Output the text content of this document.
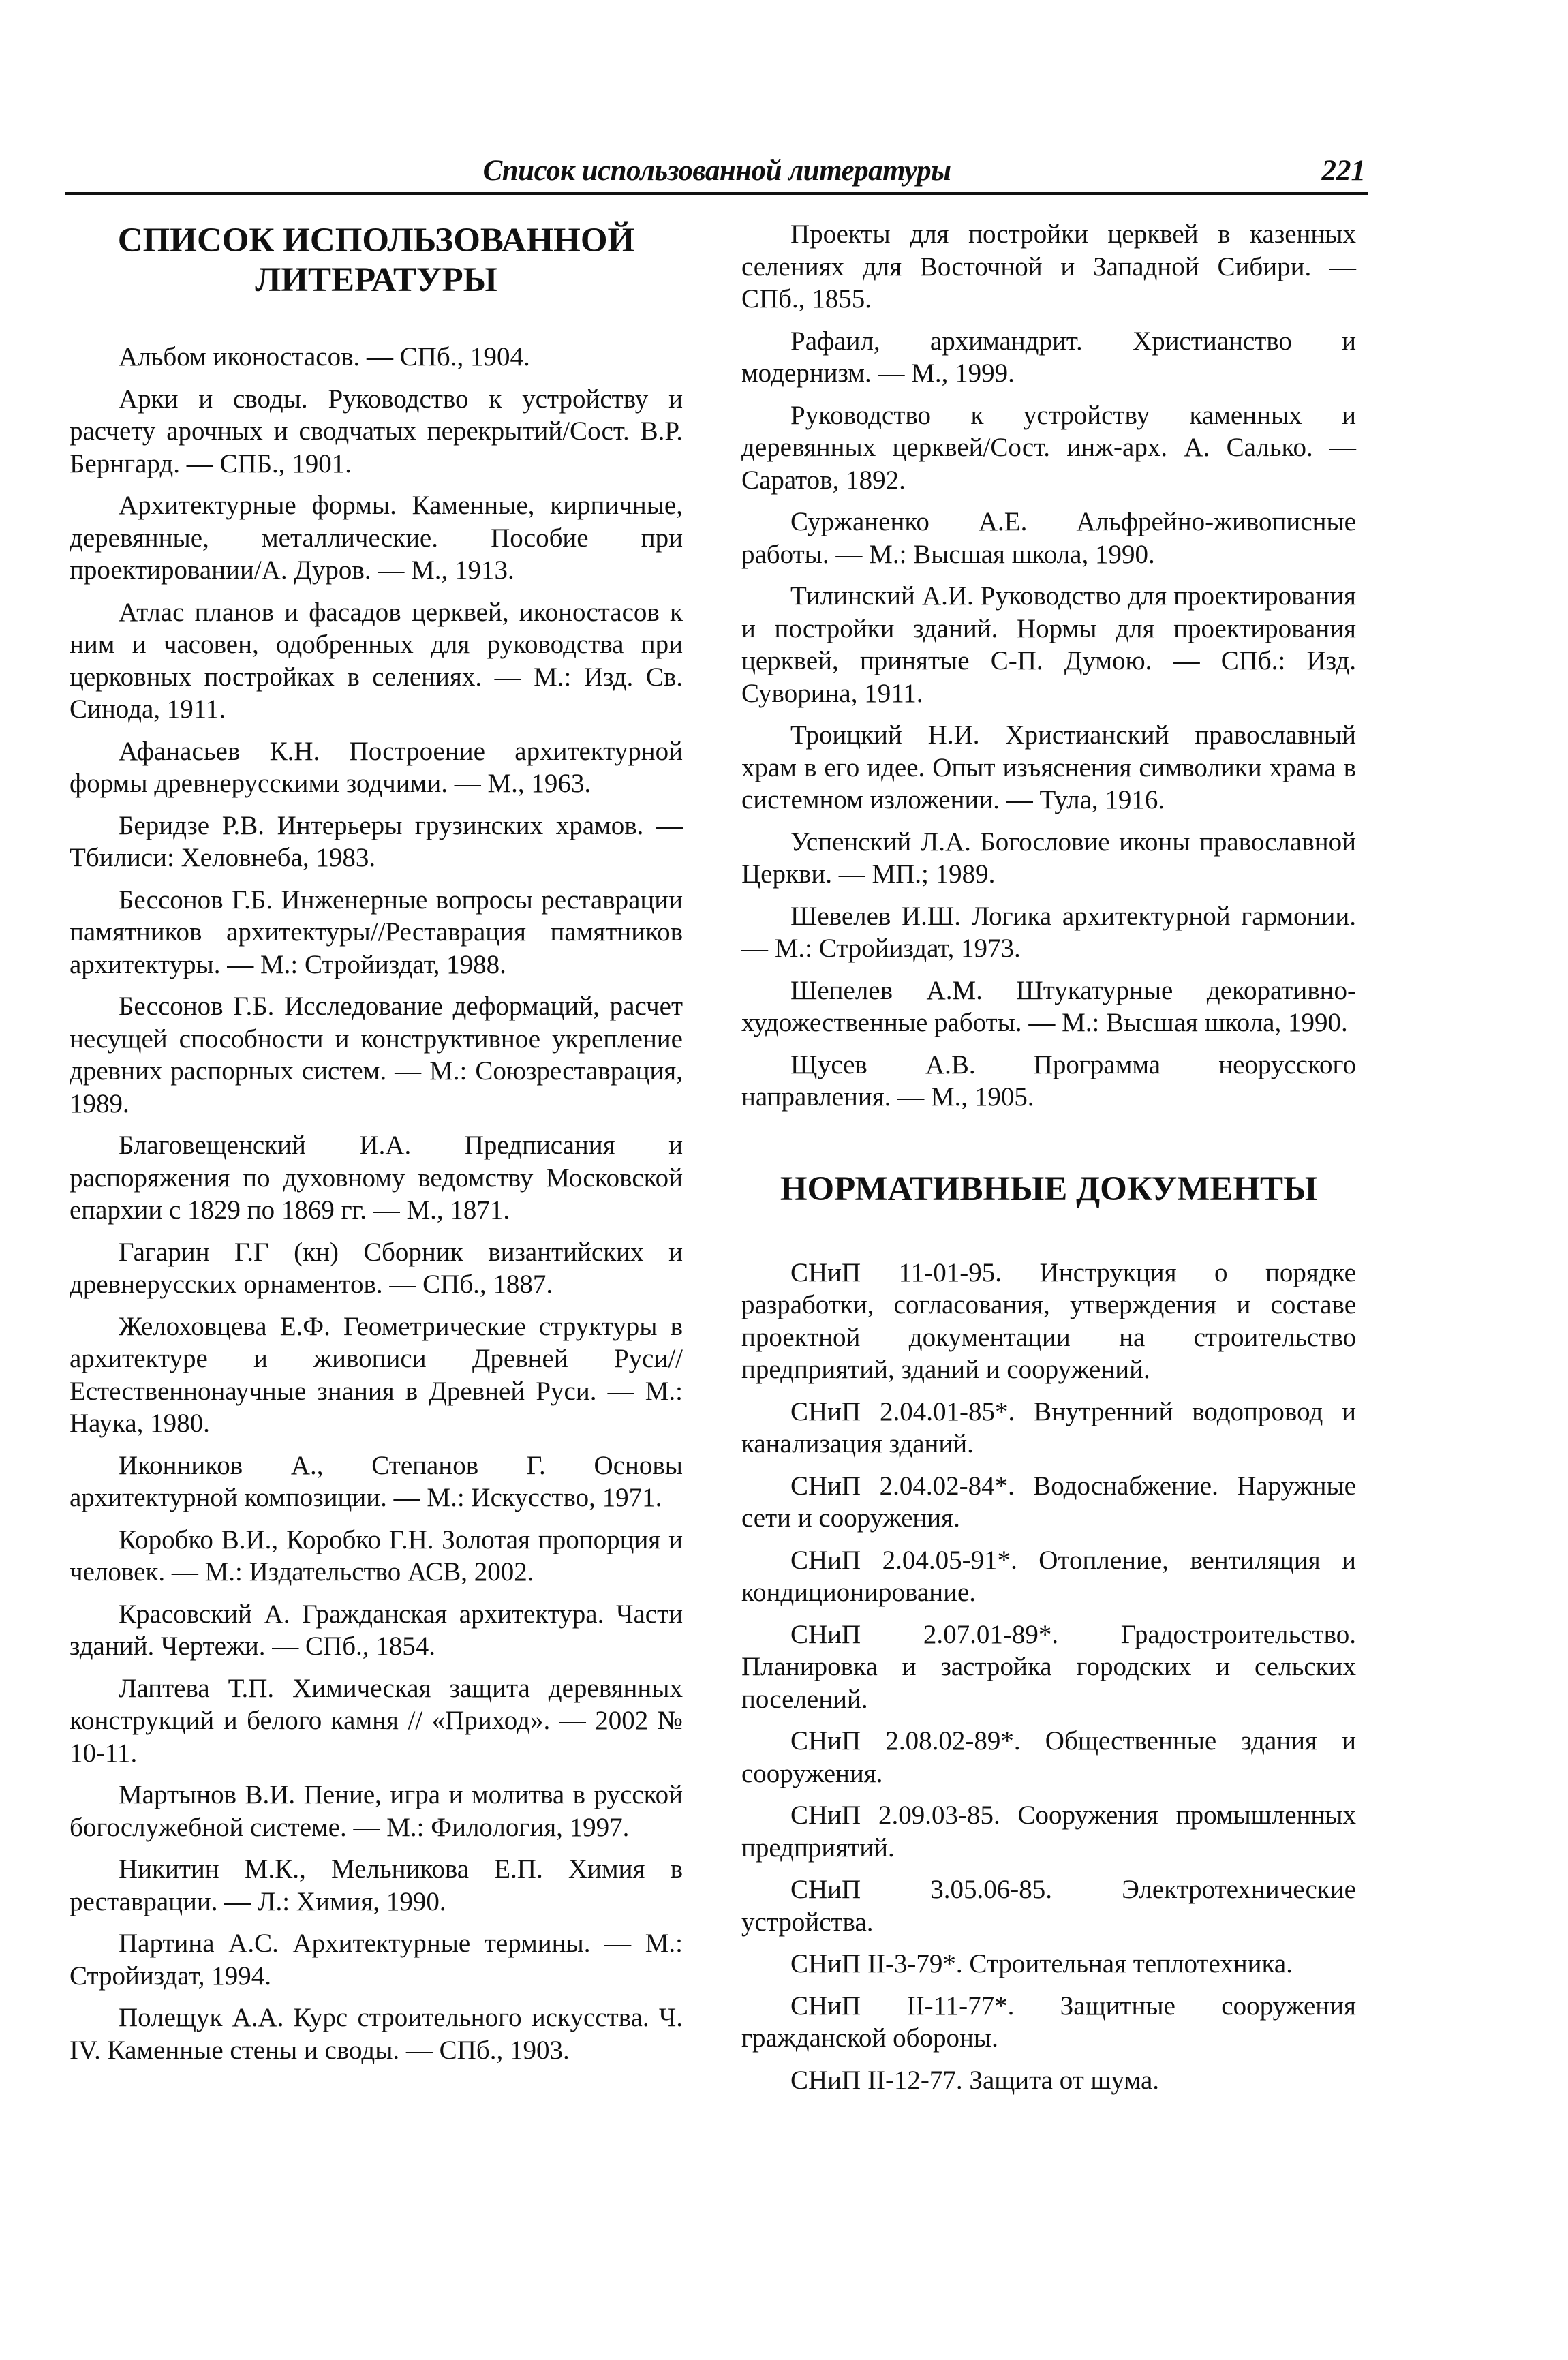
Список использованной литературы	221
СПИСОК ИСПОЛЬЗОВАННОЙ ЛИТЕРАТУРЫ

Альбом иконостасов. — СПб., 1904.

Арки и своды. Руководство к устройству и расчету арочных и сводчатых перекрытий/Сост. В.Р. Бернгард. — СПБ., 1901.

Архитектурные формы. Каменные, кирпичные, деревянные, металлические. Пособие при проектировании/А. Дуров. — М., 1913.

Атлас планов и фасадов церквей, иконостасов к ним и часовен, одобренных для руководства при церковных постройках в селениях. — М.: Изд. Св. Синода, 1911.

Афанасьев К.Н. Построение архитектурной формы древнерусскими зодчими. — М., 1963.

Беридзе Р.В. Интерьеры грузинских храмов. — Тбилиси: Хеловнеба, 1983.

Бессонов Г.Б. Инженерные вопросы реставрации памятников архитектуры//Реставрация памятников архитектуры. — М.: Стройиздат, 1988.

Бессонов Г.Б. Исследование деформаций, расчет несущей способности и конструктивное укрепление древних распорных систем. — М.: Союзреставрация, 1989.

Благовещенский И.А. Предписания и распоряжения по духовному ведомству Московской епархии с 1829 по 1869 гг. — М., 1871.

Гагарин Г.Г (кн) Сборник византийских и древнерусских орнаментов. — СПб., 1887.

Желоховцева Е.Ф. Геометрические структуры в архитектуре и живописи Древней Руси// Естественнонаучные знания в Древней Руси. — М.: Наука, 1980.

Иконников А., Степанов Г. Основы архитектурной композиции. — М.: Искусство, 1971.

Коробко В.И., Коробко Г.Н. Золотая пропорция и человек. — М.: Издательство АСВ, 2002.

Красовский А. Гражданская архитектура. Части зданий. Чертежи. — СПб., 1854.

Лаптева Т.П. Химическая защита деревянных конструкций и белого камня // «Приход». — 2002 № 10-11.

Мартынов В.И. Пение, игра и молитва в русской богослужебной системе. — М.: Филология, 1997.

Никитин М.К., Мельникова Е.П. Химия в реставрации. — Л.: Химия, 1990.

Партина А.С. Архитектурные термины. — М.: Стройиздат, 1994.

Полещук А.А. Курс строительного искусства. Ч. IV. Каменные стены и своды. — СПб., 1903.

Проекты для постройки церквей в казенных селениях для Восточной и Западной Сибири. — СПб., 1855.

Рафаил, архимандрит. Христианство и модернизм. — М., 1999.

Руководство к устройству каменных и деревянных церквей/Сост. инж-арх. А. Салько. — Саратов, 1892.

Суржаненко А.Е. Альфрейно-живописные работы. — М.: Высшая школа, 1990.

Тилинский А.И. Руководство для проектирования и постройки зданий. Нормы для проектирования церквей, принятые С-П. Думою. — СПб.: Изд. Суворина, 1911.

Троицкий Н.И. Христианский православный храм в его идее. Опыт изъяснения символики храма в системном изложении. — Тула, 1916.

Успенский Л.А. Богословие иконы православной Церкви. — МП.; 1989.

Шевелев И.Ш. Логика архитектурной гармонии. — М.: Стройиздат, 1973.

Шепелев А.М. Штукатурные декоративно-художественные работы. — М.: Высшая школа, 1990.

Щусев А.В. Программа неорусского направления. — М., 1905.

НОРМАТИВНЫЕ ДОКУМЕНТЫ

СНиП 11-01-95. Инструкция о порядке разработки, согласования, утверждения и составе проектной документации на строительство предприятий, зданий и сооружений.

СНиП 2.04.01-85*. Внутренний водопровод и канализация зданий.

СНиП 2.04.02-84*. Водоснабжение. Наружные сети и сооружения.

СНиП 2.04.05-91*. Отопление, вентиляция и кондиционирование.

СНиП 2.07.01-89*. Градостроительство. Планировка и застройка городских и сельских поселений.

СНиП 2.08.02-89*. Общественные здания и сооружения.

СНиП 2.09.03-85. Сооружения промышленных предприятий.

СНиП 3.05.06-85. Электротехнические устройства.

СНиП II-3-79*. Строительная теплотехника.

СНиП II-11-77*. Защитные сооружения гражданской обороны.

СНиП II-12-77. Защита от шума.
